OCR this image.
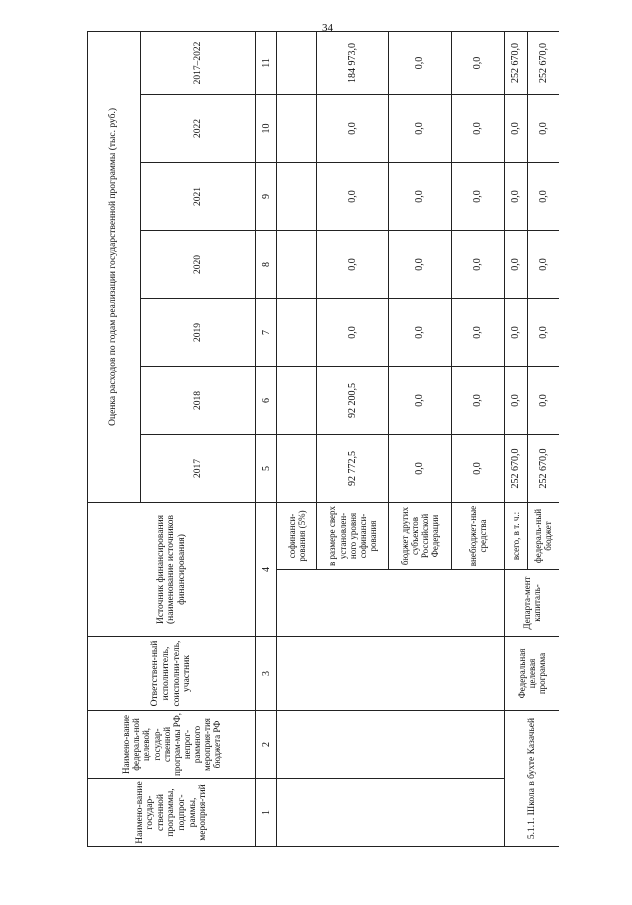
34
Наимено-вание государ-ственной программы, подпрог-раммы, мероприя-тий	Наимено-вание федераль-ной целевой, государ-ственной програм-мы РФ, непрог-раммного мероприя-тия бюджета РФ	Ответствен-ный исполнитель, соисполни-тель, участник	Источник финансирования (наименование источников финансирования)		Оценка расходов по годам реализации государственной программы (тыс. руб.)						
					2017	2018	2019	2020	2021	2022	2017–2022
1	2	3	4		5	6	7	8	9	10	11
				софинанси-рования (5%)							
				в размере сверх установлен-ного уровня софинанси-рования	92 772,5	92 200,5	0,0	0,0	0,0	0,0	184 973,0
				бюджет других субъектов Российской Федерации	0,0	0,0	0,0	0,0	0,0	0,0	0,0
				внебюджет-ные средства	0,0	0,0	0,0	0,0	0,0	0,0	0,0
5.1.1. Школа в бухте Казачьей		Федеральная целевая программа	Департа-мент капиталь-	всего, в т. ч.:	252 670,0	0,0	0,0	0,0	0,0	0,0	252 670,0
				федераль-ный бюджет	252 670,0	0,0	0,0	0,0	0,0	0,0	252 670,0
